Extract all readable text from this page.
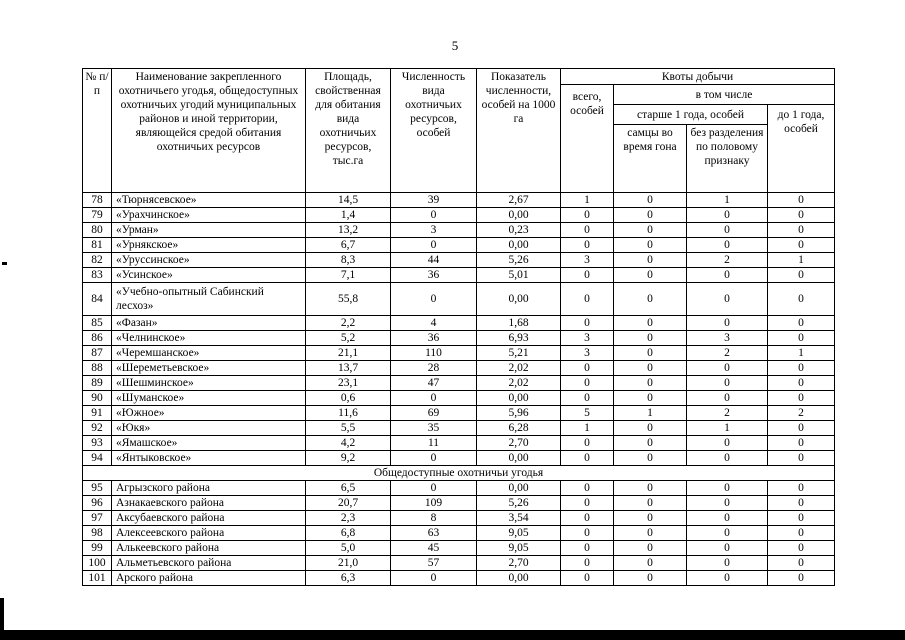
5
№ п/п	Наименование закрепленного охотничьего угодья, общедоступных охотничьих угодий муниципальных районов и иной территории, являющейся средой обитания охотничьих ресурсов	Площадь, свойственная для обитания вида охотничьих ресурсов, тыс.га	Численность вида охотничьих ресурсов, особей	Показатель численности, особей на 1000 га	Квоты добычи			
					всего, особей	в том числе		
						старше 1 года, особей		до 1 года, особей
						самцы во время гона	без разделения по половому признаку	
78	«Тюрнясевское»	14,5	39	2,67	1	0	1	0
79	«Урахчинское»	1,4	0	0,00	0	0	0	0
80	«Урман»	13,2	3	0,23	0	0	0	0
81	«Урнякское»	6,7	0	0,00	0	0	0	0
82	«Уруссинское»	8,3	44	5,26	3	0	2	1
83	«Усинское»	7,1	36	5,01	0	0	0	0
84	«Учебно-опытный Сабинский лесхоз»	55,8	0	0,00	0	0	0	0
85	«Фазан»	2,2	4	1,68	0	0	0	0
86	«Челнинское»	5,2	36	6,93	3	0	3	0
87	«Черемшанское»	21,1	110	5,21	3	0	2	1
88	«Шереметьевское»	13,7	28	2,02	0	0	0	0
89	«Шешминское»	23,1	47	2,02	0	0	0	0
90	«Шуманское»	0,6	0	0,00	0	0	0	0
91	«Южное»	11,6	69	5,96	5	1	2	2
92	«Юкя»	5,5	35	6,28	1	0	1	0
93	«Ямашское»	4,2	11	2,70	0	0	0	0
94	«Янтыковское»	9,2	0	0,00	0	0	0	0
Общедоступные охотничьи угодья								
95	Агрызского района	6,5	0	0,00	0	0	0	0
96	Азнакаевского района	20,7	109	5,26	0	0	0	0
97	Аксубаевского района	2,3	8	3,54	0	0	0	0
98	Алексеевского района	6,8	63	9,05	0	0	0	0
99	Алькеевского района	5,0	45	9,05	0	0	0	0
100	Альметьевского района	21,0	57	2,70	0	0	0	0
101	Арского района	6,3	0	0,00	0	0	0	0
